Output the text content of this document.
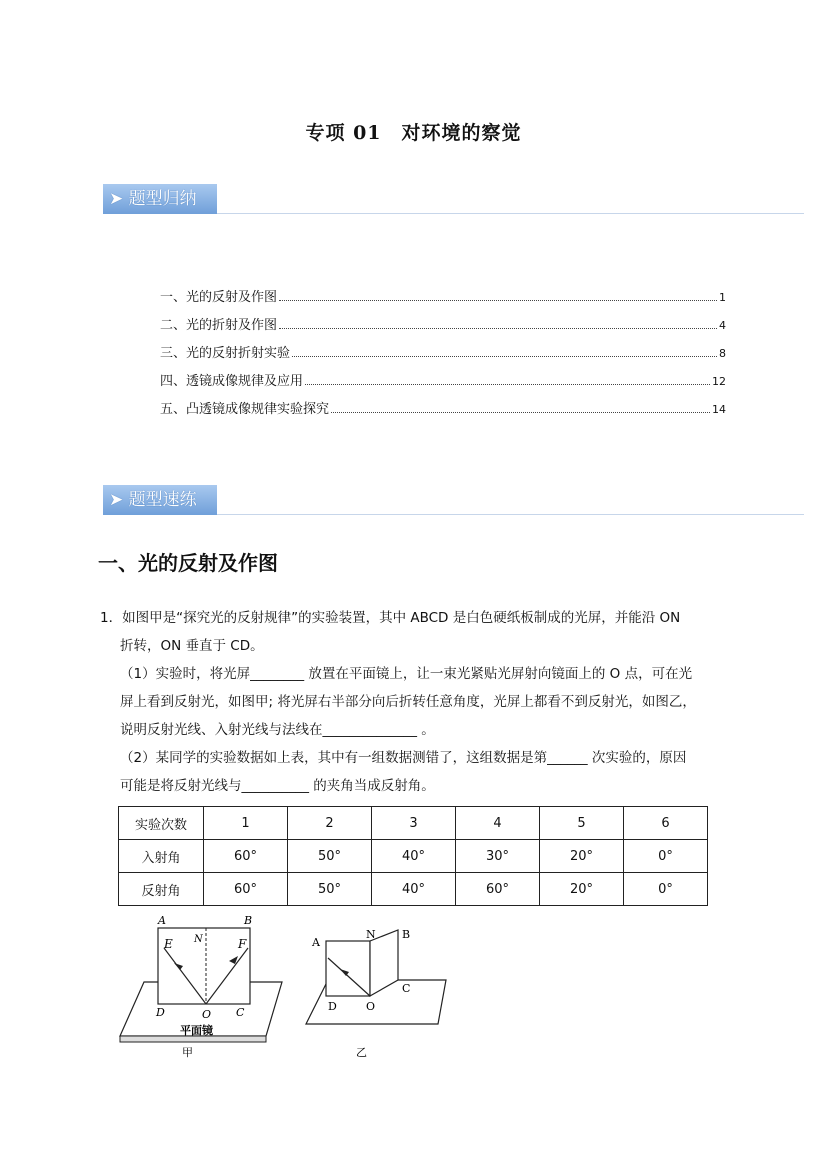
专项 01　对环境的察觉
➤ 题型归纳
一、光的反射及作图	1
二、光的折射及作图	4
三、光的反射折射实验	8
四、透镜成像规律及应用	12
五、凸透镜成像规律实验探究	14
➤ 题型速练
一、光的反射及作图
1．如图甲是“探究光的反射规律”的实验装置，其中 ABCD 是白色硬纸板制成的光屏，并能沿 ON
折转，ON 垂直于 CD。
（1）实验时，将光屏________ 放置在平面镜上，让一束光紧贴光屏射向镜面上的 O 点，可在光
屏上看到反射光，如图甲; 将光屏右半部分向后折转任意角度，光屏上都看不到反射光，如图乙，
说明反射光线、入射光线与法线在______________ 。
（2）某同学的实验数据如上表，其中有一组数据测错了，这组数据是第______ 次实验的，原因
可能是将反射光线与__________ 的夹角当成反射角。
实验次数	1	2	3	4	5	6
入射角	60°	50°	40°	30°	20°	0°
反射角	60°	50°	40°	60°	20°	0°
A	B
E	F
N
D	O C
平面镜
甲
A
N B
D	O
C
乙
